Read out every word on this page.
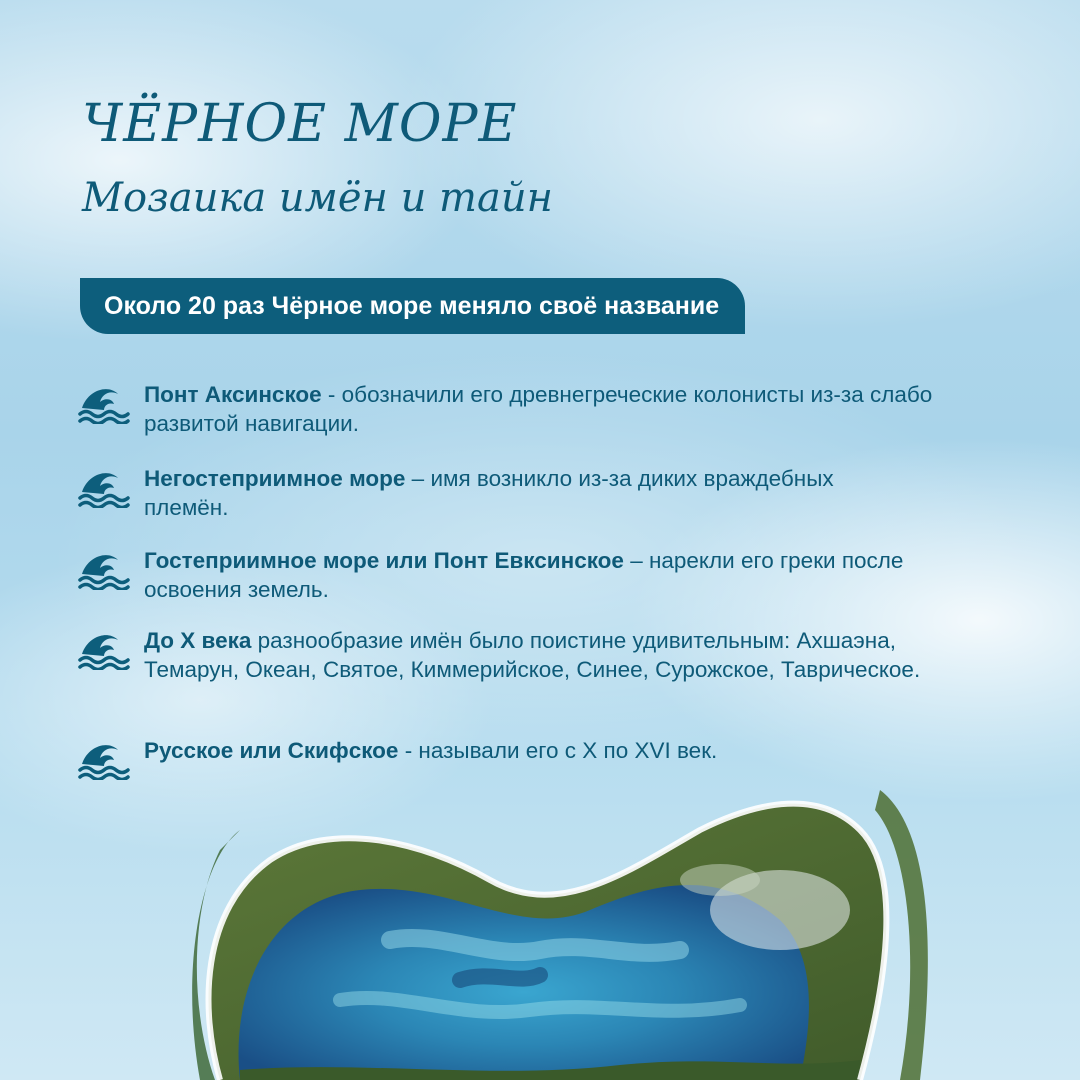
ЧЁРНОЕ МОРЕ
Мозаика имён и тайн
Около 20 раз Чёрное море меняло своё название
Понт Аксинское - обозначили его древнегреческие колонисты из-за слабо развитой навигации.
Негостеприимное море – имя возникло из-за диких враждебных племён.
Гостеприимное море или Понт Евксинское – нарекли его греки после освоения земель.
До X века разнообразие имён было поистине удивительным: Ахшаэна, Темарун, Океан, Святое, Киммерийское, Синее, Сурожское, Таврическое.
Русское или Скифское - называли его с X по XVI век.
